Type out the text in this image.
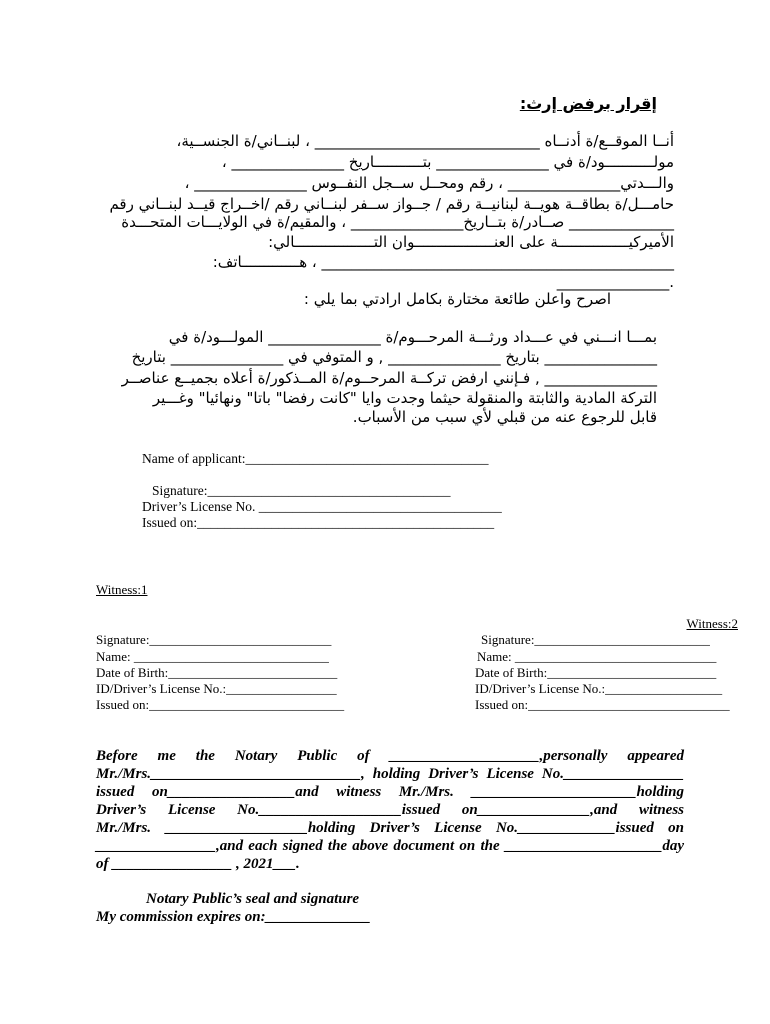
إقرار برفض إرث:
أنــا الموقــع/ة أدنــاه ______________________________ ، لبنــاني/ة الجنســية،
مولـــــــــــود/ة في _______________ بتـــــــــــاريخ _______________ ،
والـــدتي_______________ ، رقم ومحــل ســجل النفــوس _______________ ،
حامـــل/ة بطاقــة هويــة لبنانيــة رقم / جــواز ســفر لبنــاني رقم /اخــراج قيــد لبنــاني رقم
______________ صــادر/ة بتــاريخ_______________ ، والمقيم/ة في الولايـــات المتحـــدة
الأميركيــــــــــــــــة على العنــــــــــــــــــوان التــــــــــــــــــالي:
_______________________________________________ ، هـــــــــــــاتف:
._______________
اصرح واعلن طائعة مختارة بكامل ارادتي بما يلي :
بمـــا انـــني في عـــداد ورثـــة المرحـــوم/ة _______________ المولـــود/ة في
_______________ بتاريخ _______________ , و المتوفي في _______________ بتاريخ
_______________ , فـإنني ارفض تركــة المرحــوم/ة المــذكور/ة أعلاه بجميــع عناصــر
التركة المادية والثابتة والمنقولة حيثما وجدت وايا "كانت رفضا" باتا" ونهائيا" وغـــير
قابل للرجوع عنه من قبلي لأي سبب من الأسباب.
Name of applicant:____________________________________
Signature:____________________________________
Driver’s License No. ____________________________________
Issued on:____________________________________________
Witness:1
Signature:____________________________
Name: ______________________________
Date of Birth:__________________________
ID/Driver’s License No.:_________________
Issued on:______________________________
Witness:2
Signature:___________________________
Name: _______________________________
Date of Birth:__________________________
ID/Driver’s License No.:__________________
Issued on:_______________________________
Before me the Notary Public of ____________________,personally appeared
Mr./Mrs.____________________________, holding Driver’s License No.________________
issued on_________________and witness Mr./Mrs. ______________________holding
Driver’s License No.___________________issued on_______________,and witness
Mr./Mrs. ___________________holding Driver’s License No._____________issued on
________________,and each signed the above document on the _____________________day
of ________________ , 2021___.
Notary Public’s seal and signature
My commission expires on:______________
